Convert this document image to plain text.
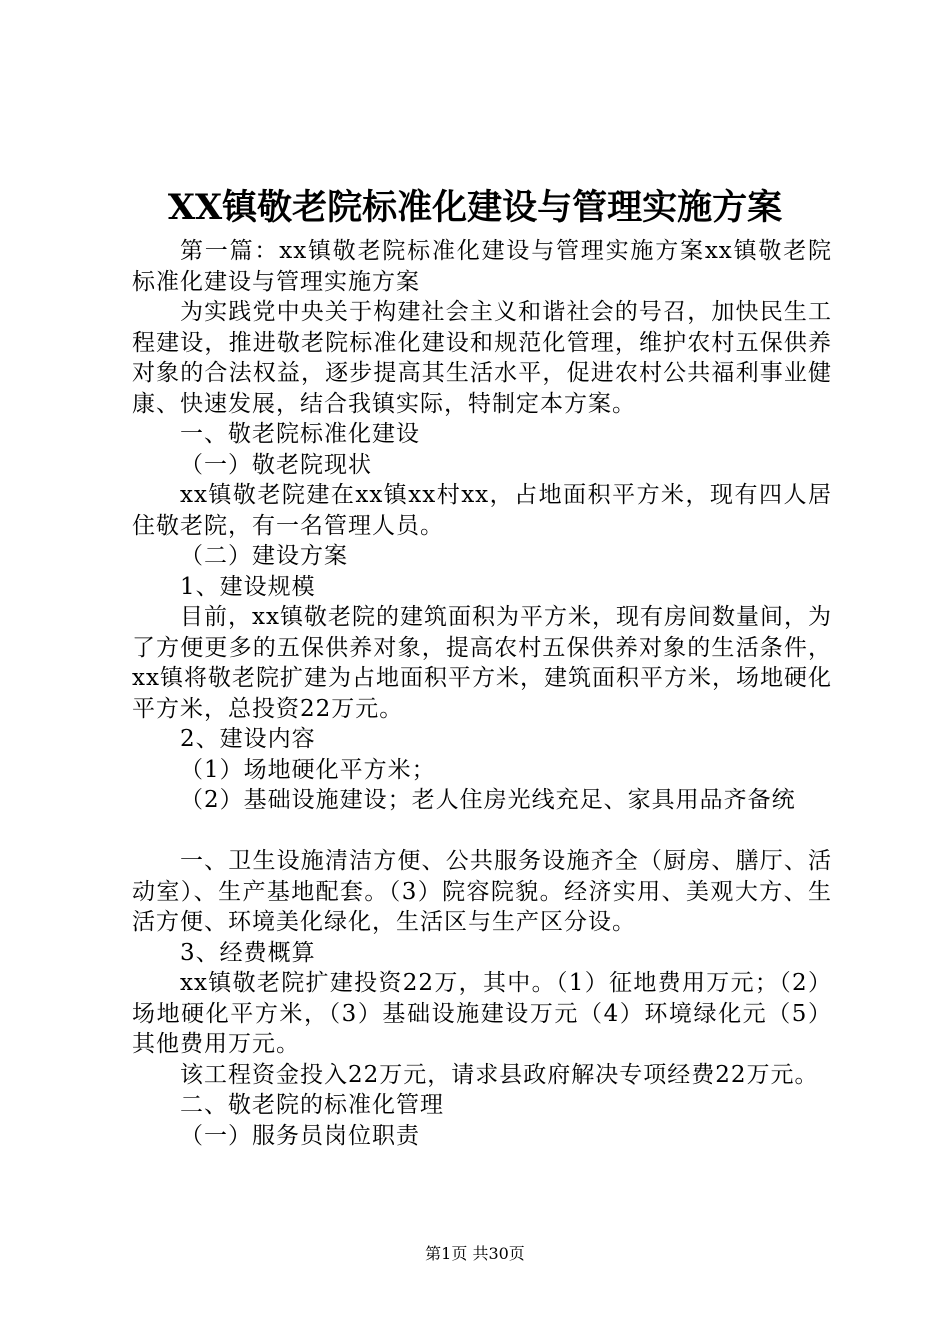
XX镇敬老院标准化建设与管理实施方案

第一篇：xx镇敬老院标准化建设与管理实施方案xx镇敬老院标准化建设与管理实施方案

为实践党中央关于构建社会主义和谐社会的号召，加快民生工程建设，推进敬老院标准化建设和规范化管理，维护农村五保供养对象的合法权益，逐步提高其生活水平，促进农村公共福利事业健康、快速发展，结合我镇实际，特制定本方案。

一、敬老院标准化建设

（一）敬老院现状

xx镇敬老院建在xx镇xx村xx，占地面积平方米，现有四人居住敬老院，有一名管理人员。

（二）建设方案

1、建设规模

目前，xx镇敬老院的建筑面积为平方米，现有房间数量间，为了方便更多的五保供养对象，提高农村五保供养对象的生活条件，xx镇将敬老院扩建为占地面积平方米，建筑面积平方米，场地硬化平方米，总投资22万元。

2、建设内容

（1）场地硬化平方米；

（2）基础设施建设；老人住房光线充足、家具用品齐备统

一、卫生设施清洁方便、公共服务设施齐全（厨房、膳厅、活动室）、生产基地配套。（3）院容院貌。经济实用、美观大方、生活方便、环境美化绿化，生活区与生产区分设。

3、经费概算

xx镇敬老院扩建投资22万，其中。（1）征地费用万元；（2）场地硬化平方米，（3）基础设施建设万元（4）环境绿化元（5）其他费用万元。

该工程资金投入22万元，请求县政府解决专项经费22万元。

二、敬老院的标准化管理

（一）服务员岗位职责

第1页 共30页
